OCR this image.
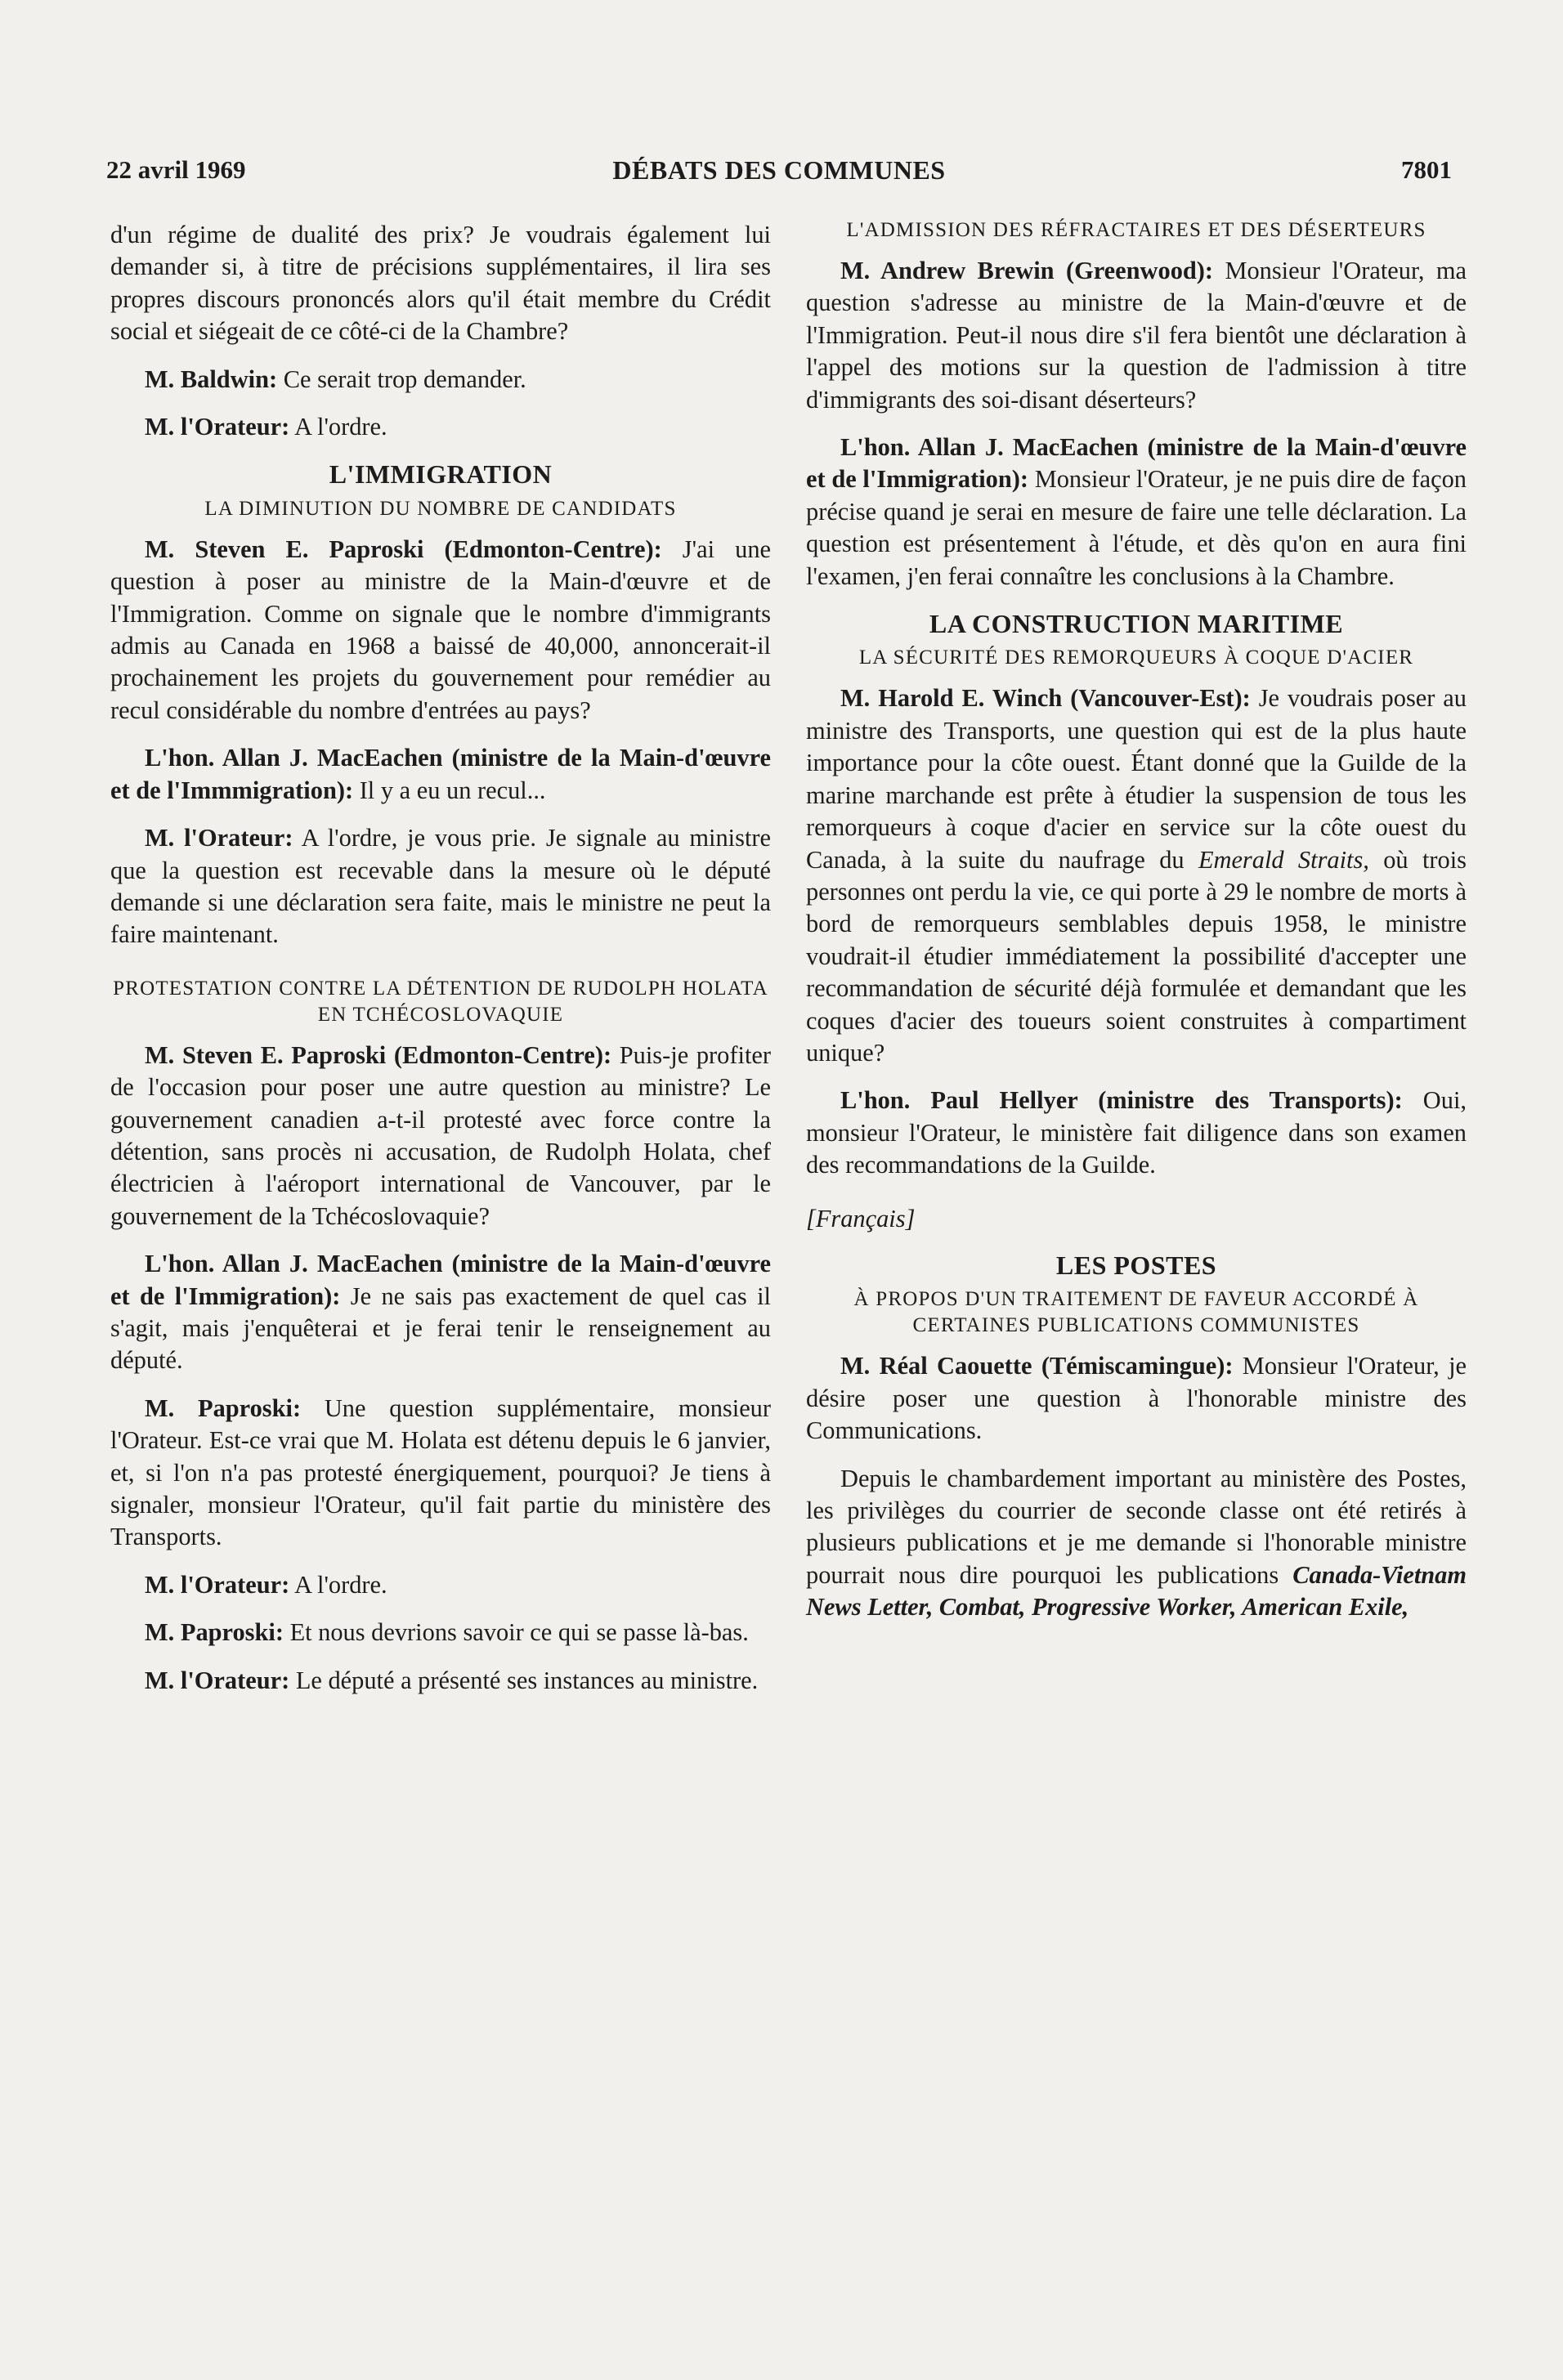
22 avril 1969	DÉBATS DES COMMUNES	7801

d'un régime de dualité des prix? Je voudrais également lui demander si, à titre de précisions supplémentaires, il lira ses propres discours prononcés alors qu'il était membre du Crédit social et siégeait de ce côté-ci de la Chambre?

M. Baldwin: Ce serait trop demander.

M. l'Orateur: A l'ordre.

L'IMMIGRATION
LA DIMINUTION DU NOMBRE DE CANDIDATS

M. Steven E. Paproski (Edmonton-Centre): J'ai une question à poser au ministre de la Main-d'œuvre et de l'Immigration. Comme on signale que le nombre d'immigrants admis au Canada en 1968 a baissé de 40,000, annoncerait-il prochainement les projets du gouvernement pour remédier au recul considérable du nombre d'entrées au pays?

L'hon. Allan J. MacEachen (ministre de la Main-d'œuvre et de l'Immmigration): Il y a eu un recul...

M. l'Orateur: A l'ordre, je vous prie. Je signale au ministre que la question est recevable dans la mesure où le député demande si une déclaration sera faite, mais le ministre ne peut la faire maintenant.

PROTESTATION CONTRE LA DÉTENTION DE RUDOLPH HOLATA EN TCHÉCOSLOVAQUIE

M. Steven E. Paproski (Edmonton-Centre): Puis-je profiter de l'occasion pour poser une autre question au ministre? Le gouvernement canadien a-t-il protesté avec force contre la détention, sans procès ni accusation, de Rudolph Holata, chef électricien à l'aéroport international de Vancouver, par le gouvernement de la Tchécoslovaquie?

L'hon. Allan J. MacEachen (ministre de la Main-d'œuvre et de l'Immigration): Je ne sais pas exactement de quel cas il s'agit, mais j'enquêterai et je ferai tenir le renseignement au député.

M. Paproski: Une question supplémentaire, monsieur l'Orateur. Est-ce vrai que M. Holata est détenu depuis le 6 janvier, et, si l'on n'a pas protesté énergiquement, pourquoi? Je tiens à signaler, monsieur l'Orateur, qu'il fait partie du ministère des Transports.

M. l'Orateur: A l'ordre.

M. Paproski: Et nous devrions savoir ce qui se passe là-bas.

M. l'Orateur: Le député a présenté ses instances au ministre.

L'ADMISSION DES RÉFRACTAIRES ET DES DÉSERTEURS

M. Andrew Brewin (Greenwood): Monsieur l'Orateur, ma question s'adresse au ministre de la Main-d'œuvre et de l'Immigration. Peut-il nous dire s'il fera bientôt une déclaration à l'appel des motions sur la question de l'admission à titre d'immigrants des soi-disant déserteurs?

L'hon. Allan J. MacEachen (ministre de la Main-d'œuvre et de l'Immigration): Monsieur l'Orateur, je ne puis dire de façon précise quand je serai en mesure de faire une telle déclaration. La question est présentement à l'étude, et dès qu'on en aura fini l'examen, j'en ferai connaître les conclusions à la Chambre.

LA CONSTRUCTION MARITIME
LA SÉCURITÉ DES REMORQUEURS À COQUE D'ACIER

M. Harold E. Winch (Vancouver-Est): Je voudrais poser au ministre des Transports, une question qui est de la plus haute importance pour la côte ouest. Étant donné que la Guilde de la marine marchande est prête à étudier la suspension de tous les remorqueurs à coque d'acier en service sur la côte ouest du Canada, à la suite du naufrage du Emerald Straits, où trois personnes ont perdu la vie, ce qui porte à 29 le nombre de morts à bord de remorqueurs semblables depuis 1958, le ministre voudrait-il étudier immédiatement la possibilité d'accepter une recommandation de sécurité déjà formulée et demandant que les coques d'acier des toueurs soient construites à compartiment unique?

L'hon. Paul Hellyer (ministre des Transports): Oui, monsieur l'Orateur, le ministère fait diligence dans son examen des recommandations de la Guilde.

[Français]
LES POSTES
À PROPOS D'UN TRAITEMENT DE FAVEUR ACCORDÉ À CERTAINES PUBLICATIONS COMMUNISTES

M. Réal Caouette (Témiscamingue): Monsieur l'Orateur, je désire poser une question à l'honorable ministre des Communications.

Depuis le chambardement important au ministère des Postes, les privilèges du courrier de seconde classe ont été retirés à plusieurs publications et je me demande si l'honorable ministre pourrait nous dire pourquoi les publications Canada-Vietnam News Letter, Combat, Progressive Worker, American Exile,
